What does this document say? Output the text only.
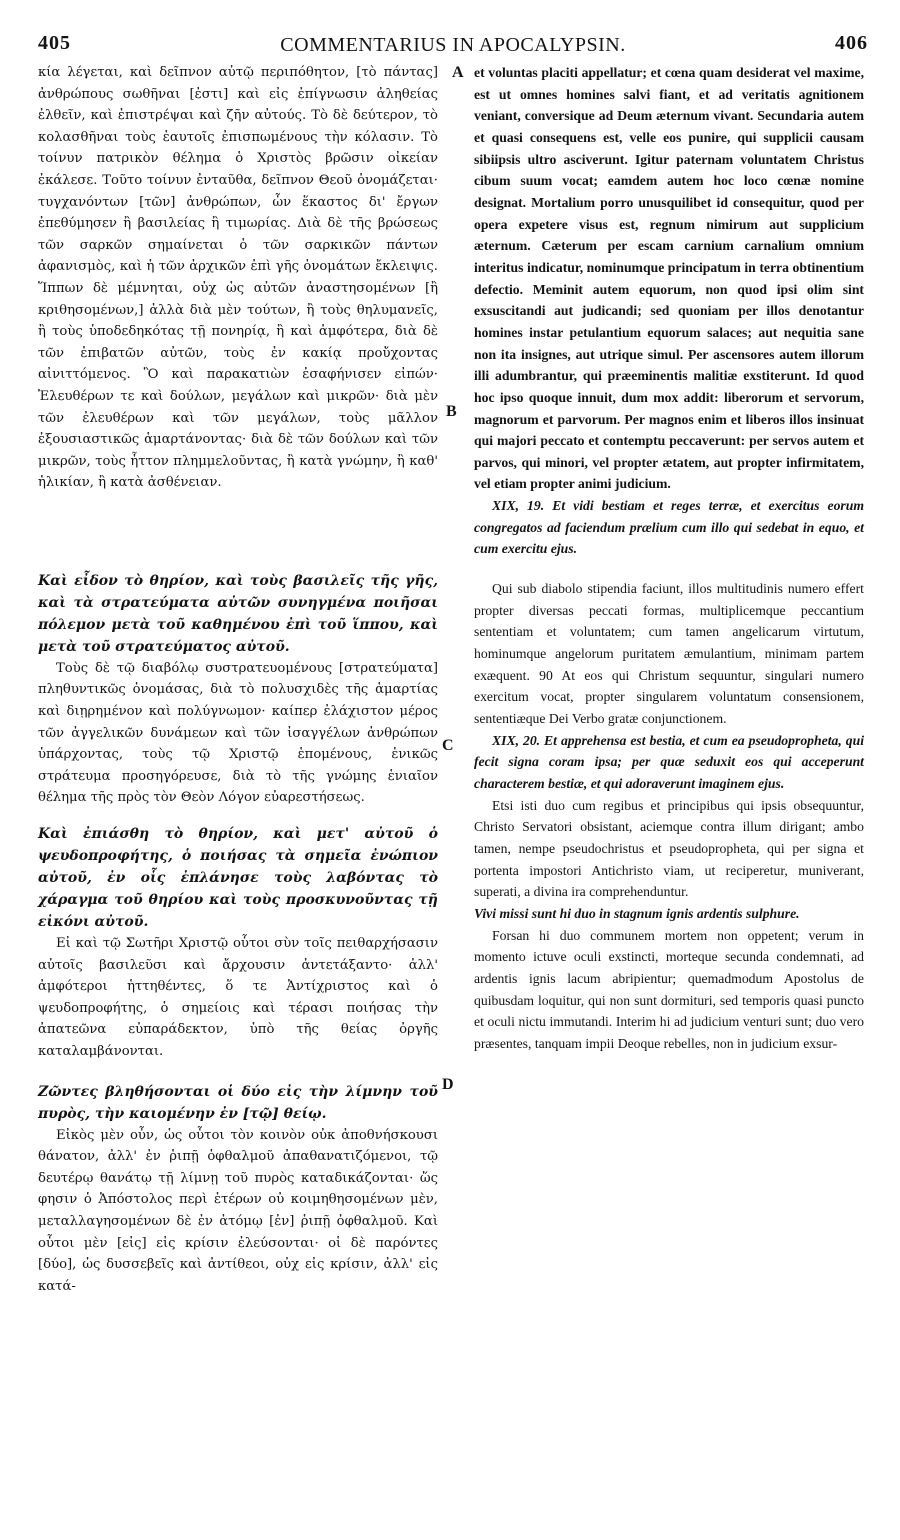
405	COMMENTARIUS IN APOCALYPSIN.	406

κία λέγεται, καὶ δεῖπνον αὐτῷ περιπόθητον, [τὸ πάντας] ἀνθρώπους σωθῆναι [ἐστι] καὶ εἰς ἐπίγνωσιν ἀληθείας ἐλθεῖν, καὶ ἐπιστρέψαι καὶ ζῆν αὐτούς. Τὸ δὲ δεύτερον, τὸ κολασθῆναι τοὺς ἑαυτοῖς ἐπισπωμένους τὴν κόλασιν. Τὸ τοίνυν πατρικὸν θέλημα ὁ Χριστὸς βρῶσιν οἰκείαν ἐκάλεσε. Τοῦτο τοίνυν ἐνταῦθα, δεῖπνον Θεοῦ ὀνομάζεται· τυγχανόντων [τῶν] ἀνθρώπων, ὧν ἕκαστος δι' ἔργων ἐπεθύμησεν ἢ βασιλείας ἢ τιμωρίας. Διὰ δὲ τῆς βρώσεως τῶν σαρκῶν σημαίνεται ὁ τῶν σαρκικῶν πάντων ἀφανισμὸς, καὶ ἡ τῶν ἀρχικῶν ἐπὶ γῆς ὀνομάτων ἔκλειψις. Ἵππων δὲ μέμνηται, οὐχ ὡς αὐτῶν ἀναστησομένων [ἢ κριθησομένων,] ἀλλὰ διὰ μὲν τούτων, ἢ τοὺς θηλυμανεῖς, ἢ τοὺς ὑποδεδηκότας τῇ πονηρίᾳ, ἢ καὶ ἀμφότερα, διὰ δὲ τῶν ἐπιβατῶν αὐτῶν, τοὺς ἐν κακίᾳ προὔχοντας αἰνιττόμενος. Ὃ καὶ παρακατιὼν ἐσαφήνισεν εἰπών· Ἐλευθέρων τε καὶ δούλων, μεγάλων καὶ μικρῶν· διὰ μὲν τῶν ἐλευθέρων καὶ τῶν μεγάλων, τοὺς μᾶλλον ἐξουσιαστικῶς ἁμαρτάνοντας· διὰ δὲ τῶν δούλων καὶ τῶν μικρῶν, τοὺς ἧττον πλημμελοῦντας, ἢ κατὰ γνώμην, ἢ καθ' ἡλικίαν, ἢ κατὰ ἀσθένειαν.

Καὶ εἶδον τὸ θηρίον, καὶ τοὺς βασιλεῖς τῆς γῆς, καὶ τὰ στρατεύματα αὐτῶν συνηγμένα ποιῆσαι πόλεμον μετὰ τοῦ καθημένου ἐπὶ τοῦ ἵππου, καὶ μετὰ τοῦ στρατεύματος αὐτοῦ.

Τοὺς δὲ τῷ διαβόλῳ συστρατευομένους [στρατεύματα] πληθυντικῶς ὀνομάσας, διὰ τὸ πολυσχιδὲς τῆς ἁμαρτίας καὶ διῃρημένον καὶ πολύγνωμον· καίπερ ἐλάχιστον μέρος τῶν ἀγγελικῶν δυνάμεων καὶ τῶν ἰσαγγέλων ἀνθρώπων ὑπάρχοντας, τοὺς τῷ Χριστῷ ἑπομένους, ἑνικῶς στράτευμα προσηγόρευσε, διὰ τὸ τῆς γνώμης ἑνιαῖον θέλημα τῆς πρὸς τὸν Θεὸν Λόγον εὐαρεστήσεως.

Καὶ ἐπιάσθη τὸ θηρίον, καὶ μετ' αὐτοῦ ὁ ψευδοπροφήτης, ὁ ποιήσας τὰ σημεῖα ἐνώπιον αὐτοῦ, ἐν οἷς ἐπλάνησε τοὺς λαβόντας τὸ χάραγμα τοῦ θηρίου καὶ τοὺς προσκυνοῦντας τῇ εἰκόνι αὐτοῦ.

Εἰ καὶ τῷ Σωτῆρι Χριστῷ οὗτοι σὺν τοῖς πειθαρχήσασιν αὐτοῖς βασιλεῦσι καὶ ἄρχουσιν ἀντετάξαντο· ἀλλ' ἀμφότεροι ἡττηθέντες, ὅ τε Ἀντίχριστος καὶ ὁ ψευδοπροφήτης, ὁ σημείοις καὶ τέρασι ποιήσας τὴν ἀπατεῶνα εὐπαράδεκτον, ὑπὸ τῆς θείας ὀργῆς καταλαμβάνονται.

Ζῶντες βληθήσονται οἱ δύο εἰς τὴν λίμνην τοῦ πυρὸς, τὴν καιομένην ἐν [τῷ] θείῳ.

Εἰκὸς μὲν οὖν, ὡς οὗτοι τὸν κοινὸν οὐκ ἀποθνήσκουσι θάνατον, ἀλλ' ἐν ῥιπῇ ὀφθαλμοῦ ἀπαθανατιζόμενοι, τῷ δευτέρῳ θανάτῳ τῇ λίμνῃ τοῦ πυρὸς καταδικάζονται· ὥς φησιν ὁ Ἀπόστολος περὶ ἑτέρων οὐ κοιμηθησομένων μὲν, μεταλλαγησομένων δὲ ἐν ἀτόμῳ [ἐν] ῥιπῇ ὀφθαλμοῦ. Καὶ οὗτοι μὲν [εἰς] εἰς κρίσιν ἐλεύσονται· οἱ δὲ παρόντες [δύο], ὡς δυσσεβεῖς καὶ ἀντίθεοι, οὐχ εἰς κρίσιν, ἀλλ' εἰς κατά-

A
B
C
D

et voluntas placiti appellatur; et cœna quam desiderat vel maxime, est ut omnes homines salvi fiant, et ad veritatis agnitionem veniant, conversique ad Deum æternum vivant. Secundaria autem et quasi consequens est, velle eos punire, qui supplicii causam sibiipsis ultro asciverunt. Igitur paternam voluntatem Christus cibum suum vocat; eamdem autem hoc loco cœnæ nomine designat. Mortalium porro unusquilibet id consequitur, quod per opera expetere visus est, regnum nimirum aut supplicium æternum. Cæterum per escam carnium carnalium omnium interitus indicatur, nominumque principatum in terra obtinentium defectio. Meminit autem equorum, non quod ipsi olim sint exsuscitandi aut judicandi; sed quoniam per illos denotantur homines instar petulantium equorum salaces; aut nequitia sane non ita insignes, aut utrique simul. Per ascensores autem illorum illi adumbrantur, qui præeminentis malitiæ exstiterunt. Id quod hoc ipso quoque innuit, dum mox addit: liberorum et servorum, magnorum et parvorum. Per magnos enim et liberos illos insinuat qui majori peccato et contemptu peccaverunt: per servos autem et parvos, qui minori, vel propter ætatem, aut propter infirmitatem, vel etiam propter animi judicium.

XIX, 19. Et vidi bestiam et reges terræ, et exercitus eorum congregatos ad faciendum prælium cum illo qui sedebat in equo, et cum exercitu ejus.

Qui sub diabolo stipendia faciunt, illos multitudinis numero effert propter diversas peccati formas, multiplicemque peccantium sententiam et voluntatem; cum tamen angelicarum virtutum, hominumque angelorum puritatem æmulantium, minimam partem exæquent. 90 At eos qui Christum sequuntur, singulari numero exercitum vocat, propter singularem voluntatum consensionem, sententiæque Dei Verbo gratæ conjunctionem.

XIX, 20. Et apprehensa est bestia, et cum ea pseudopropheta, qui fecit signa coram ipsa; per quæ seduxit eos qui acceperunt characterem bestiæ, et qui adoraverunt imaginem ejus.

Etsi isti duo cum regibus et principibus qui ipsis obsequuntur, Christo Servatori obsistant, aciemque contra illum dirigant; ambo tamen, nempe pseudochristus et pseudopropheta, qui per signa et portenta impostori Antichristo viam, ut reciperetur, muniverant, superati, a divina ira comprehenduntur.

Vivi missi sunt hi duo in stagnum ignis ardentis sulphure.

Forsan hi duo communem mortem non oppetent; verum in momento ictuve oculi exstincti, morteque secunda condemnati, ad ardentis ignis lacum abripientur; quemadmodum Apostolus de quibusdam loquitur, qui non sunt dormituri, sed temporis quasi puncto et oculi nictu immutandi. Interim hi ad judicium venturi sunt; duo vero præsentes, tanquam impii Deoque rebelles, non in judicium exsur-
